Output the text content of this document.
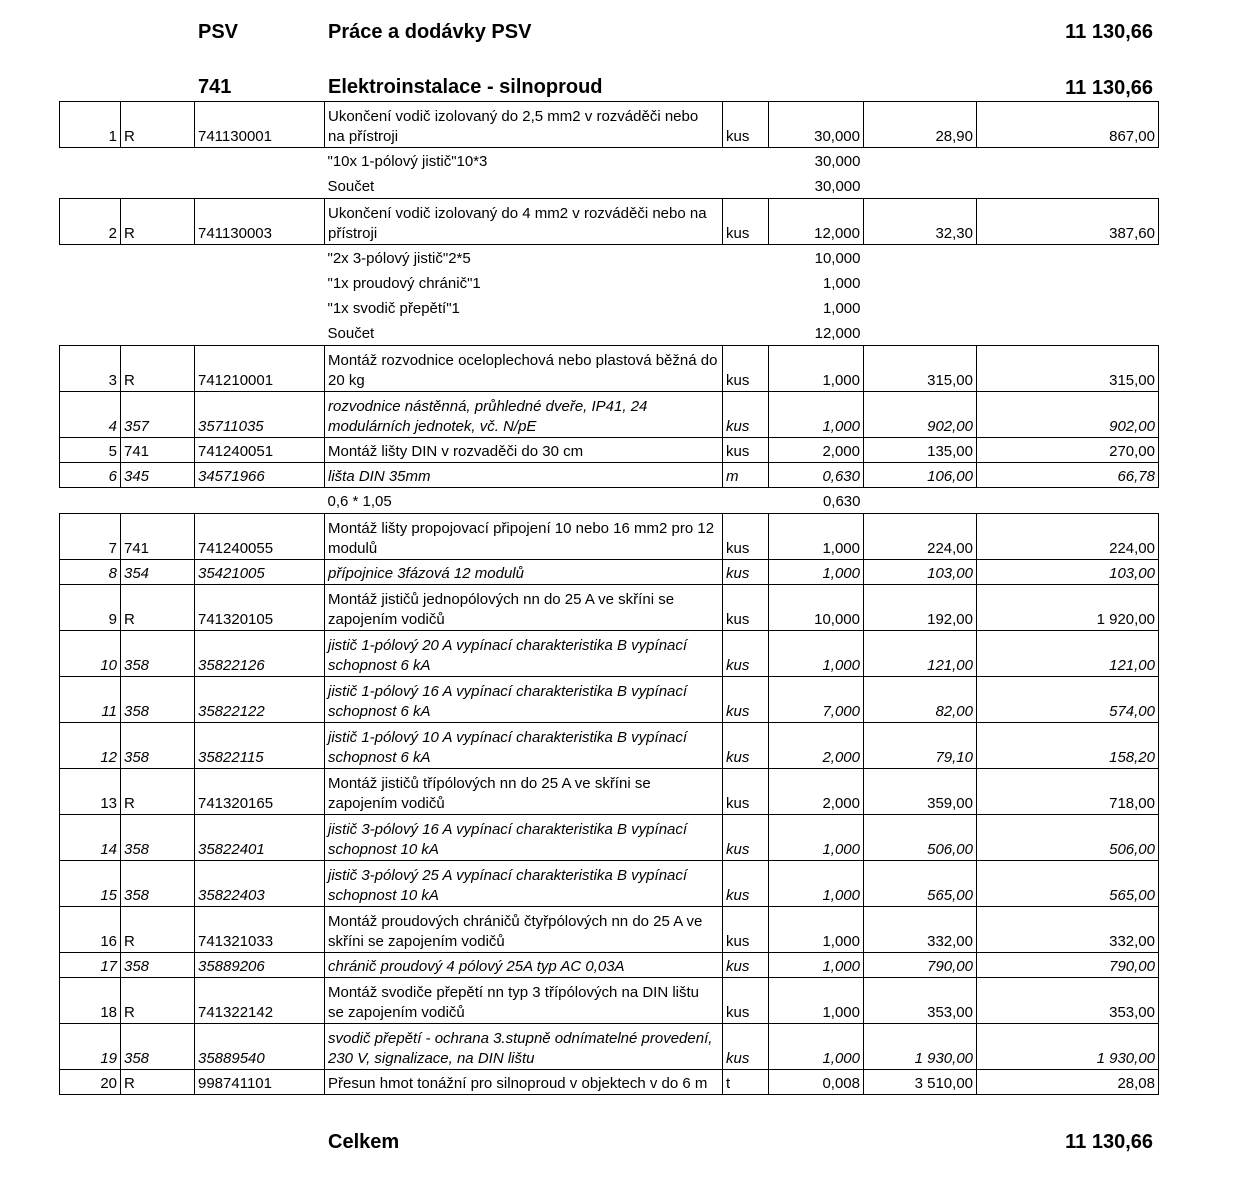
PSV	Práce a dodávky PSV	11 130,66
741	Elektroinstalace - silnoproud	11 130,66
1	R	741130001	Ukončení vodič izolovaný do 2,5 mm2 v rozváděči nebo na přístroji	kus	30,000	28,90	867,00
			"10x 1-pólový jistič"10*3		30,000		
			Součet		30,000		
2	R	741130003	Ukončení vodič izolovaný do 4 mm2 v rozváděči nebo na přístroji	kus	12,000	32,30	387,60
			"2x 3-pólový jistič"2*5		10,000		
			"1x proudový chránič"1		1,000		
			"1x svodič přepětí"1		1,000		
			Součet		12,000		
3	R	741210001	Montáž rozvodnice oceloplechová nebo plastová běžná do 20 kg	kus	1,000	315,00	315,00
4	357	35711035	rozvodnice nástěnná, průhledné dveře, IP41, 24 modulárních jednotek, vč. N/pE	kus	1,000	902,00	902,00
5	741	741240051	Montáž lišty DIN v rozvaděči do 30 cm	kus	2,000	135,00	270,00
6	345	34571966	lišta DIN 35mm	m	0,630	106,00	66,78
			0,6 * 1,05		0,630		
7	741	741240055	Montáž lišty propojovací připojení 10 nebo 16 mm2 pro 12 modulů	kus	1,000	224,00	224,00
8	354	35421005	přípojnice 3fázová 12 modulů	kus	1,000	103,00	103,00
9	R	741320105	Montáž jističů jednopólových nn do 25 A ve skříni se zapojením vodičů	kus	10,000	192,00	1 920,00
10	358	35822126	jistič 1-pólový 20 A vypínací charakteristika B vypínací schopnost 6 kA	kus	1,000	121,00	121,00
11	358	35822122	jistič 1-pólový 16 A vypínací charakteristika B vypínací schopnost 6 kA	kus	7,000	82,00	574,00
12	358	35822115	jistič 1-pólový 10 A vypínací charakteristika B vypínací schopnost 6 kA	kus	2,000	79,10	158,20
13	R	741320165	Montáž jističů třípólových nn do 25 A ve skříni se zapojením vodičů	kus	2,000	359,00	718,00
14	358	35822401	jistič 3-pólový 16 A vypínací charakteristika B vypínací schopnost 10 kA	kus	1,000	506,00	506,00
15	358	35822403	jistič 3-pólový 25 A vypínací charakteristika B vypínací schopnost 10 kA	kus	1,000	565,00	565,00
16	R	741321033	Montáž proudových chráničů čtyřpólových nn do 25 A ve skříni se zapojením vodičů	kus	1,000	332,00	332,00
17	358	35889206	chránič proudový 4 pólový 25A typ AC 0,03A	kus	1,000	790,00	790,00
18	R	741322142	Montáž svodiče přepětí nn typ 3 třípólových na DIN lištu se zapojením vodičů	kus	1,000	353,00	353,00
19	358	35889540	svodič přepětí - ochrana 3.stupně odnímatelné provedení, 230 V, signalizace, na DIN lištu	kus	1,000	1 930,00	1 930,00
20	R	998741101	Přesun hmot tonážní pro silnoproud v objektech v do 6 m	t	0,008	3 510,00	28,08
Celkem	11 130,66
